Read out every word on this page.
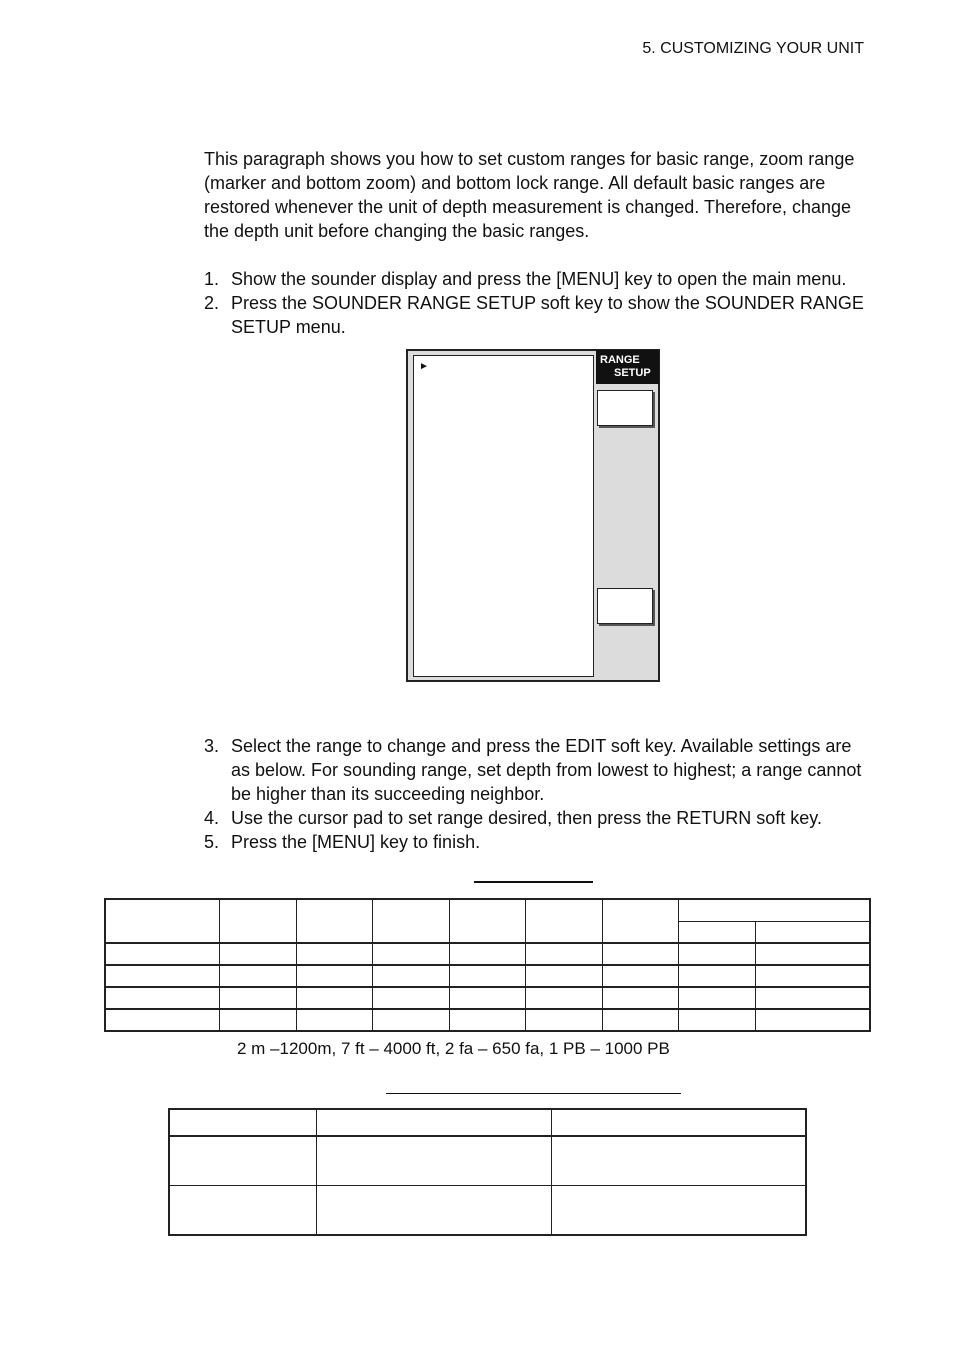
5. CUSTOMIZING YOUR UNIT
This paragraph shows you how to set custom ranges for basic range, zoom range (marker and bottom zoom) and bottom lock range. All default basic ranges are restored whenever the unit of depth measurement is changed. Therefore, change the depth unit before changing the basic ranges.
1. Show the sounder display and press the [MENU] key to open the main menu.
2. Press the SOUNDER RANGE SETUP soft key to show the SOUNDER RANGE SETUP menu.
►
RANGE
SETUP
3. Select the range to change and press the EDIT soft key. Available settings are as below. For sounding range, set depth from lowest to highest; a range cannot be higher than its succeeding neighbor.
4. Use the cursor pad to set range desired, then press the RETURN soft key.
5. Press the [MENU] key to finish.

2 m –1200m, 7 ft – 4000 ft, 2 fa – 650 fa, 1 PB – 1000 PB
